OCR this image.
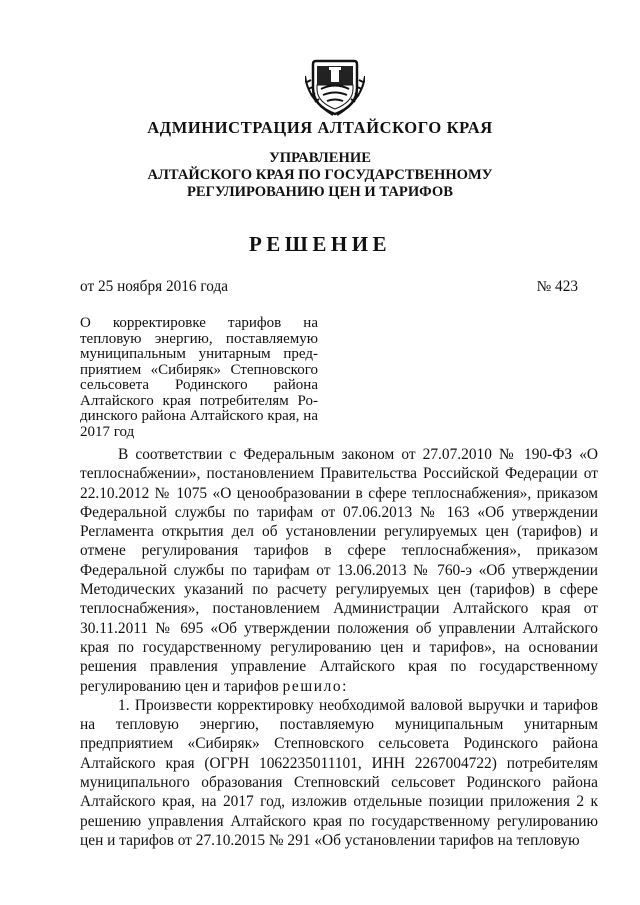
АДМИНИСТРАЦИЯ АЛТАЙСКОГО КРАЯ
УПРАВЛЕНИЕ
АЛТАЙСКОГО КРАЯ ПО ГОСУДАРСТВЕННОМУ
РЕГУЛИРОВАНИЮ ЦЕН И ТАРИФОВ
РЕШЕНИЕ
от 25 ноября 2016 года	№ 423
О корректировке тарифов на тепловую энергию, поставляемую муниципальным унитарным пред-приятием «Сибиряк» Степновского сельсовета Родинского района Алтайского края потребителям Ро-динского района Алтайского края, на 2017 год

В соответствии с Федеральным законом от 27.07.2010 № 190-ФЗ «О теплоснабжении», постановлением Правительства Российской Федерации от 22.10.2012 № 1075 «О ценообразовании в сфере теплоснабжения», приказом Федеральной службы по тарифам от 07.06.2013 № 163 «Об утверждении Регламента открытия дел об установлении регулируемых цен (тарифов) и отмене регулирования тарифов в сфере теплоснабжения», приказом Федеральной службы по тарифам от 13.06.2013 № 760-э «Об утверждении Методических указаний по расчету регулируемых цен (тарифов) в сфере теплоснабжения», постановлением Администрации Алтайского края от 30.11.2011 № 695 «Об утверждении положения об управлении Алтайского края по государственному регулированию цен и тарифов», на основании решения правления управление Алтайского края по государственному регулированию цен и тарифов решило:

1. Произвести корректировку необходимой валовой выручки и тарифов на тепловую энергию, поставляемую муниципальным унитарным предприятием «Сибиряк» Степновского сельсовета Родинского района Алтайского края (ОГРН 1062235011101, ИНН 2267004722) потребителям муниципального образования Степновский сельсовет Родинского района Алтайского края, на 2017 год, изложив отдельные позиции приложения 2 к решению управления Алтайского края по государственному регулированию цен и тарифов от 27.10.2015 № 291 «Об установлении тарифов на тепловую
